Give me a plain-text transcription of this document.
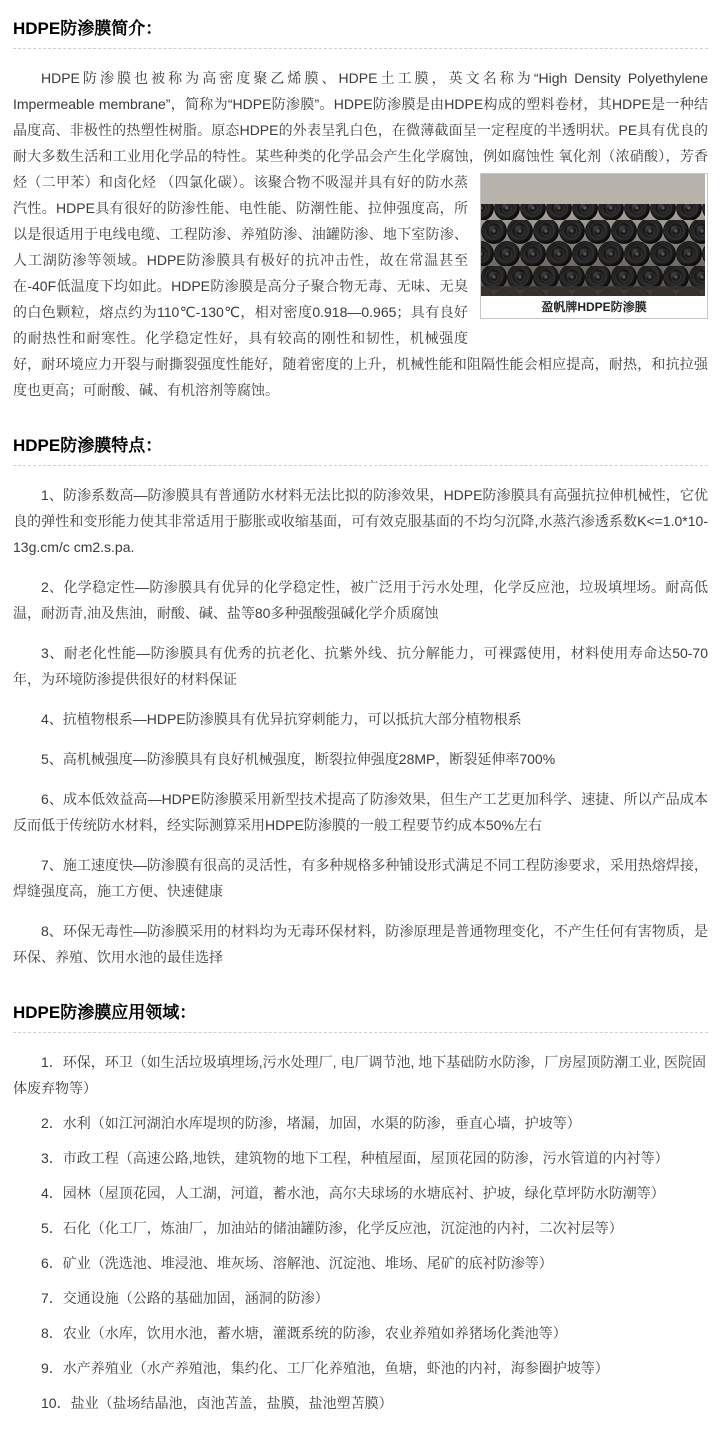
HDPE防渗膜简介：
HDPE防渗膜也被称为高密度聚乙烯膜、HDPE土工膜，英文名称为“High Density Polyethylene Impermeable membrane”，简称为“HDPE防渗膜”。HDPE防渗膜是由HDPE构成的塑料卷材，其HDPE是一种结晶度高、非极性的热塑性树脂。原态HDPE的外表呈乳白色，在微薄截面呈一定程度的半透明状。PE具有优良的耐大多数生活和工业用化学品的特性。某些种类的化学品会产生化学腐蚀，例如腐蚀性
盈帆牌HDPE防渗膜
氧化剂（浓硝酸），芳香烃（二甲苯）和卤化烃 （四氯化碳）。该聚合物不吸湿并具有好的防水蒸汽性。HDPE具有很好的防渗性能、电性能、防潮性能、拉伸强度高，所以是很适用于电线电缆、工程防渗、养殖防渗、油罐防渗、地下室防渗、人工湖防渗等领域。HDPE防渗膜具有极好的抗冲击性，故在常温甚至在-40F低温度下均如此。HDPE防渗膜是高分子聚合物无毒、无味、无臭的白色颗粒，熔点约为110℃-130℃，相对密度0.918—0.965；具有良好的耐热性和耐寒性。化学稳定性好，具有较高的刚性和韧性，机械强度好，耐环境应力开裂与耐撕裂强度性能好，随着密度的上升，机械性能和阻隔性能会相应提高，耐热，和抗拉强度也更高；可耐酸、碱、有机溶剂等腐蚀。
HDPE防渗膜特点：

1、防渗系数高—防渗膜具有普通防水材料无法比拟的防渗效果，HDPE防渗膜具有高强抗拉伸机械性，它优良的弹性和变形能力使其非常适用于膨胀或收缩基面，可有效克服基面的不均匀沉降,水蒸汽渗透系数K<=1.0*10-13g.cm/c cm2.s.pa.

2、化学稳定性—防渗膜具有优异的化学稳定性，被广泛用于污水处理，化学反应池，垃圾填埋场。耐高低温，耐沥青,油及焦油，耐酸、碱、盐等80多种强酸强碱化学介质腐蚀

3、耐老化性能—防渗膜具有优秀的抗老化、抗紫外线、抗分解能力，可裸露使用，材料使用寿命达50-70年，为环境防渗提供很好的材料保证

4、抗植物根系—HDPE防渗膜具有优异抗穿刺能力，可以抵抗大部分植物根系

5、高机械强度—防渗膜具有良好机械强度，断裂拉伸强度28MP，断裂延伸率700%

6、成本低效益高—HDPE防渗膜采用新型技术提高了防渗效果，但生产工艺更加科学、速捷、所以产品成本反而低于传统防水材料，经实际测算采用HDPE防渗膜的一般工程要节约成本50%左右

7、施工速度快—防渗膜有很高的灵活性，有多种规格多种铺设形式满足不同工程防渗要求，采用热熔焊接，焊缝强度高，施工方便、快速健康

8、环保无毒性—防渗膜采用的材料均为无毒环保材料，防渗原理是普通物理变化，不产生任何有害物质，是环保、养殖、饮用水池的最佳选择

HDPE防渗膜应用领域：

1．环保，环卫（如生活垃圾填埋场,污水处理厂, 电厂调节池, 地下基础防水防渗，厂房屋顶防潮工业, 医院固体废弃物等）

2．水利（如江河湖泊水库堤坝的防渗，堵漏，加固，水渠的防渗，垂直心墙，护坡等）

3．市政工程（高速公路,地铁，建筑物的地下工程，种植屋面，屋顶花园的防渗，污水管道的内衬等）

4．园林（屋顶花园，人工湖，河道，蓄水池，高尔夫球场的水塘底衬、护坡，绿化草坪防水防潮等）

5．石化（化工厂，炼油厂，加油站的储油罐防渗，化学反应池，沉淀池的内衬，二次衬层等）

6．矿业（洗选池、堆浸池、堆灰场、溶解池、沉淀池、堆场、尾矿的底衬防渗等）

7．交通设施（公路的基础加固，涵洞的防渗）

8．农业（水库，饮用水池，蓄水塘，灌溉系统的防渗，农业养殖如养猪场化粪池等）

9．水产养殖业（水产养殖池，集约化、工厂化养殖池，鱼塘，虾池的内衬，海参圈护坡等）

10．盐业（盐场结晶池，卤池苫盖，盐膜，盐池塑苫膜）
